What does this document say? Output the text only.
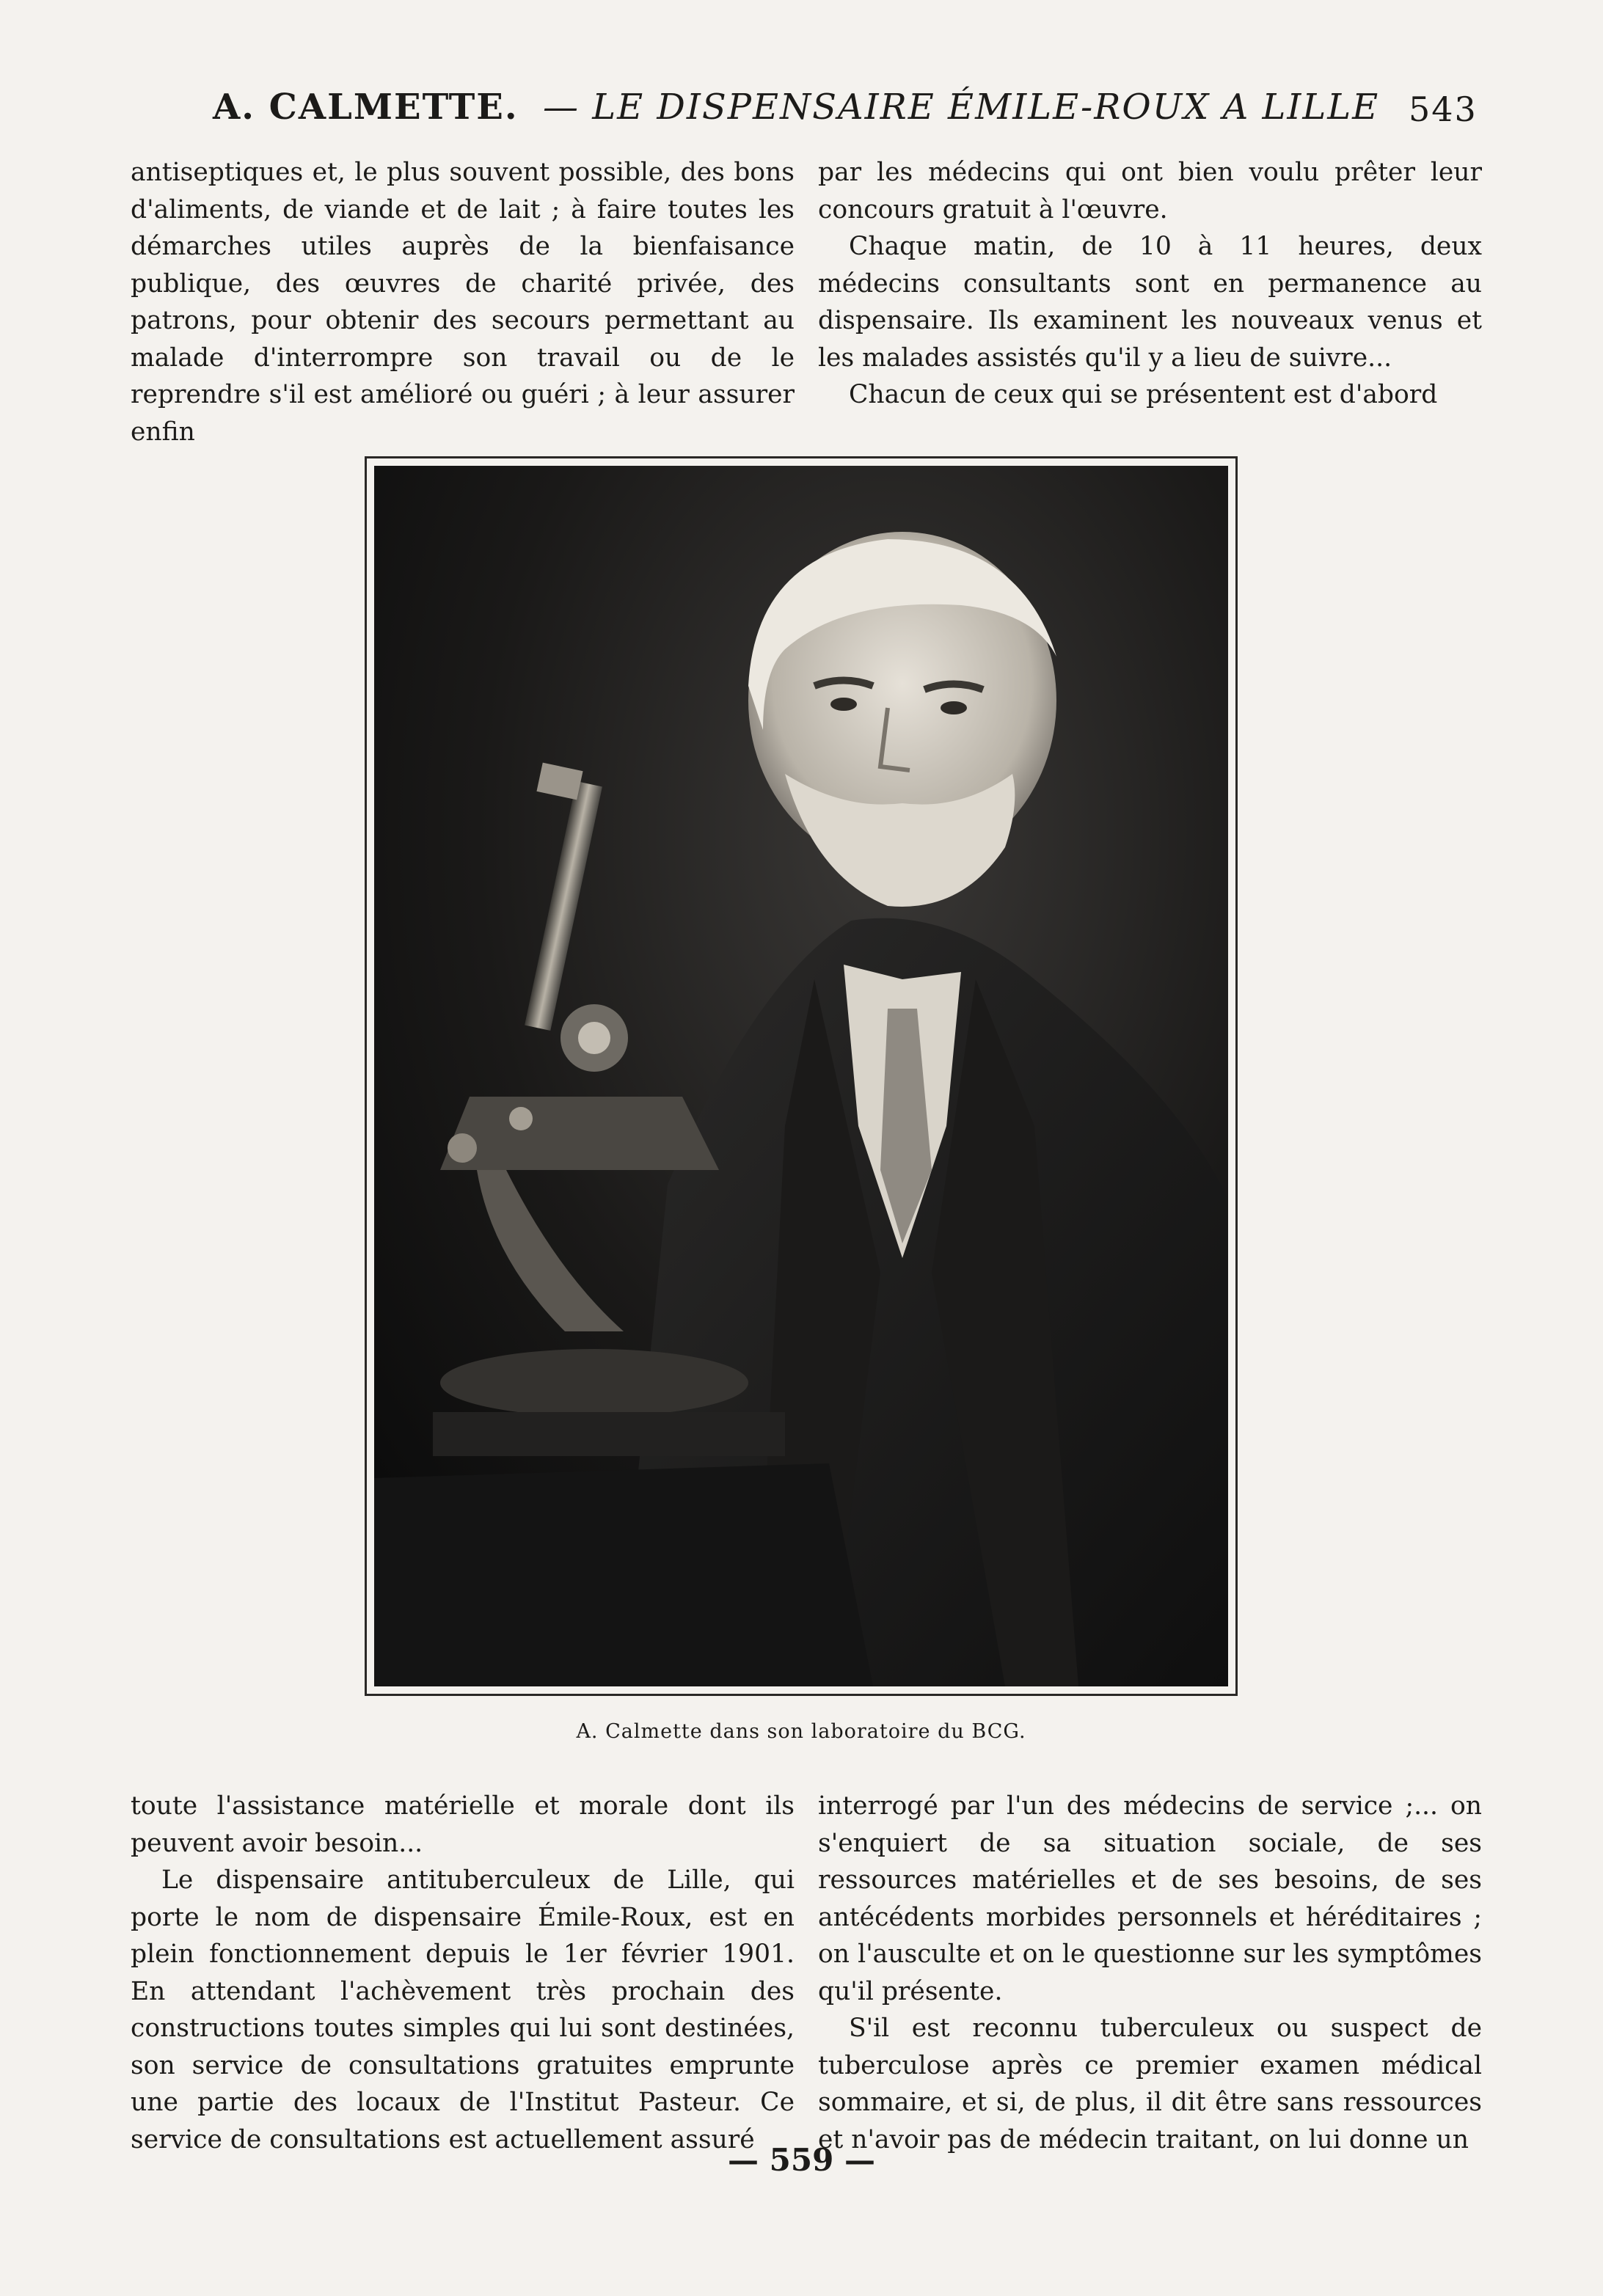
A. CALMETTE. — LE DISPENSAIRE ÉMILE-ROUX A LILLE 543

antiseptiques et, le plus souvent possible, des bons d'aliments, de viande et de lait ; à faire toutes les démarches utiles auprès de la bienfaisance publique, des œuvres de charité privée, des patrons, pour obtenir des secours permettant au malade d'interrompre son travail ou de le reprendre s'il est amélioré ou guéri ; à leur assurer enfin

par les médecins qui ont bien voulu prêter leur concours gratuit à l'œuvre.

Chaque matin, de 10 à 11 heures, deux médecins consultants sont en permanence au dispensaire. Ils examinent les nouveaux venus et les malades assistés qu'il y a lieu de suivre...

Chacun de ceux qui se présentent est d'abord

A. Calmette dans son laboratoire du BCG.

toute l'assistance matérielle et morale dont ils peuvent avoir besoin...

Le dispensaire antituberculeux de Lille, qui porte le nom de dispensaire Émile-Roux, est en plein fonctionnement depuis le 1er février 1901. En attendant l'achèvement très prochain des constructions toutes simples qui lui sont destinées, son service de consultations gratuites emprunte une partie des locaux de l'Institut Pasteur. Ce service de consultations est actuellement assuré

interrogé par l'un des médecins de service ;... on s'enquiert de sa situation sociale, de ses ressources matérielles et de ses besoins, de ses antécédents morbides personnels et héréditaires ; on l'ausculte et on le questionne sur les symptômes qu'il présente.

S'il est reconnu tuberculeux ou suspect de tuberculose après ce premier examen médical sommaire, et si, de plus, il dit être sans ressources et n'avoir pas de médecin traitant, on lui donne un

— 559 —
